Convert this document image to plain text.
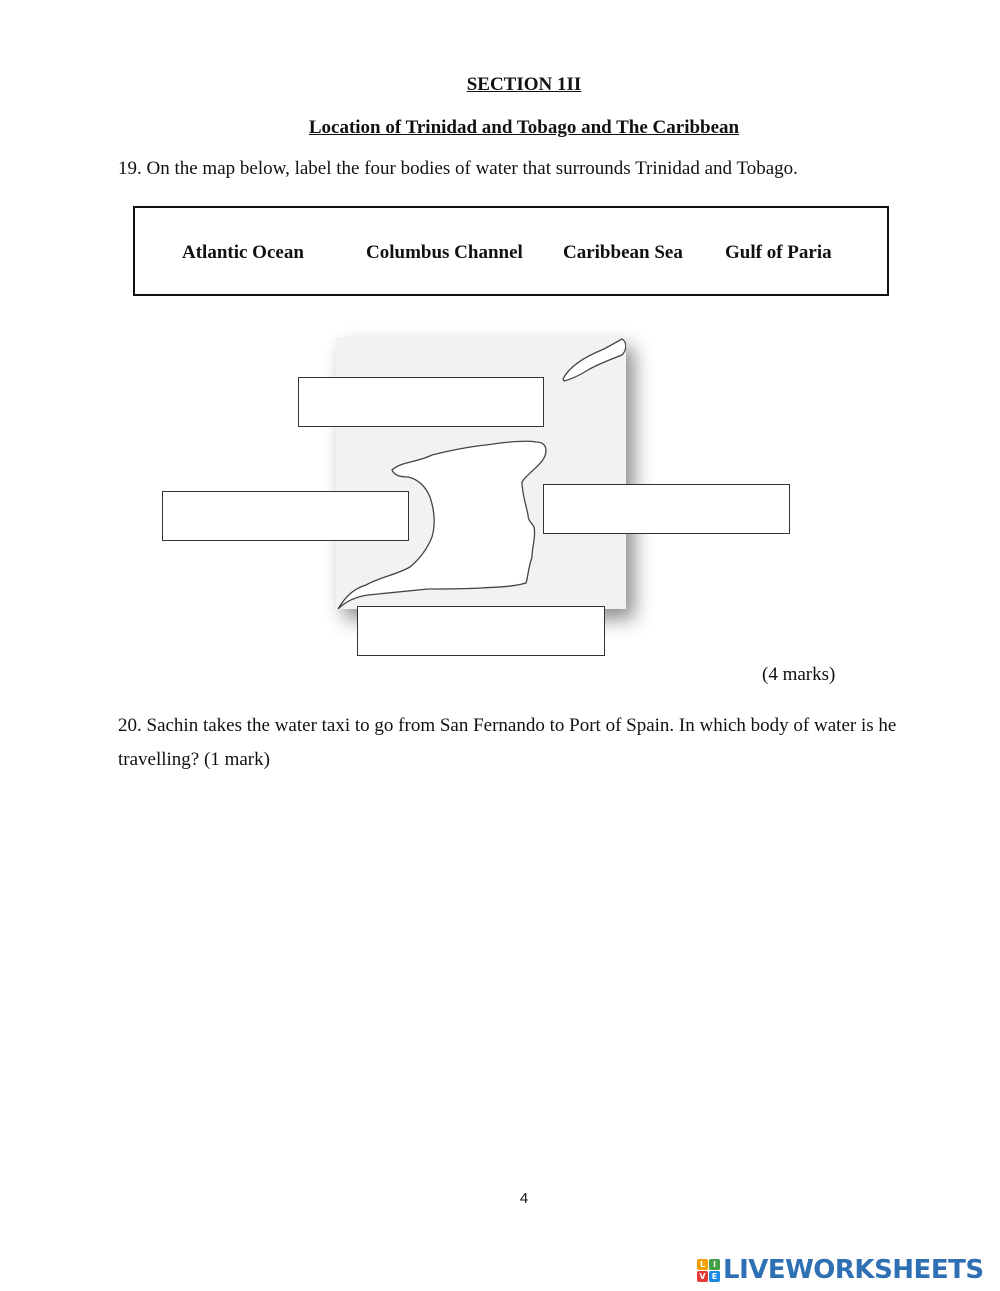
SECTION 1II
Location of Trinidad and Tobago and The Caribbean
19. On the map below, label the four bodies of water that surrounds Trinidad and Tobago.
Atlantic Ocean	Columbus Channel Caribbean Sea Gulf of Paria
(4 marks)
20. Sachin takes the water taxi to go from San Fernando to Port of Spain. In which body of water is he
travelling? (1 mark)
4
L I
V E LIVEWORKSHEETS
